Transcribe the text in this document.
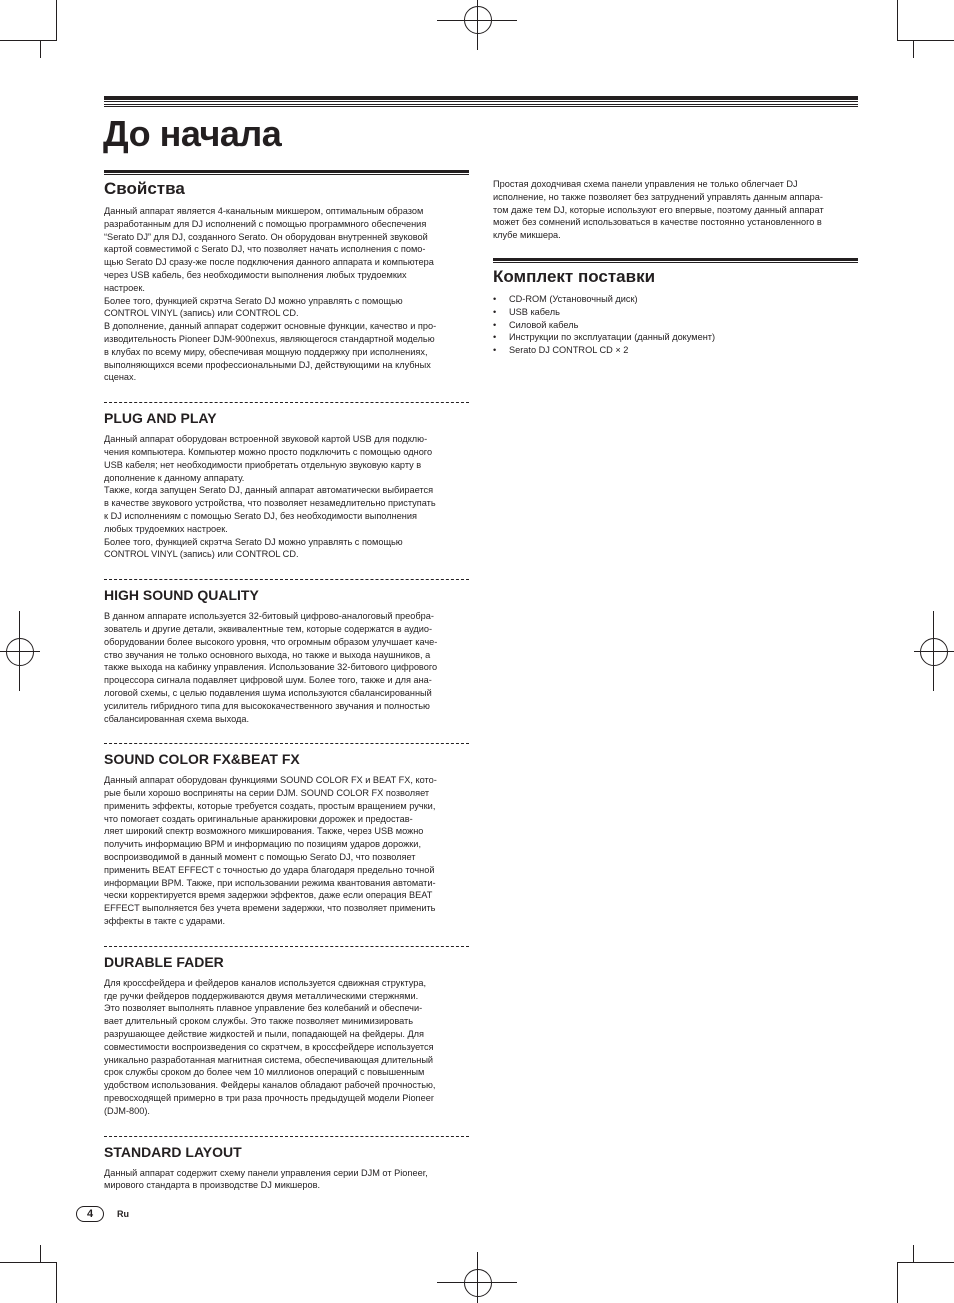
До начала
Свойства

Данный аппарат является 4-канальным микшером, оптимальным образом
разработанным для DJ исполнений с помощью программного обеспечения
“Serato DJ” для DJ, созданного Serato. Он оборудован внутренней звуковой
картой совместимой с Serato DJ, что позволяет начать исполнения с помо-
щью Serato DJ сразу-же после подключения данного аппарата и компьютера
через USB кабель, без необходимости выполнения любых трудоемких
настроек.
Более того, функцией скрэтча Serato DJ можно управлять с помощью
CONTROL VINYL (запись) или CONTROL CD.
В дополнение, данный аппарат содержит основные функции, качество и про-
изводительность Pioneer DJM-900nexus, являющегося стандартной моделью
в клубах по всему миру, обеспечивая мощную поддержку при исполнениях,
выполняющихся всеми профессиональными DJ, действующими на клубных
сценах.

PLUG AND PLAY

Данный аппарат оборудован встроенной звуковой картой USB для подклю-
чения компьютера. Компьютер можно просто подключить с помощью одного
USB кабеля; нет необходимости приобретать отдельную звуковую карту в
дополнение к данному аппарату.
Также, когда запущен Serato DJ, данный аппарат автоматически выбирается
в качестве звукового устройства, что позволяет незамедлительно приступать
к DJ исполнениям с помощью Serato DJ, без необходимости выполнения
любых трудоемких настроек.
Более того, функцией скрэтча Serato DJ можно управлять с помощью
CONTROL VINYL (запись) или CONTROL CD.

HIGH SOUND QUALITY

В данном аппарате используется 32-битовый цифрово-аналоговый преобра-
зователь и другие детали, эквивалентные тем, которые содержатся в аудио-
оборудовании более высокого уровня, что огромным образом улучшает каче-
ство звучания не только основного выхода, но также и выхода наушников, а
также выхода на кабинку управления. Использование 32-битового цифрового
процессора сигнала подавляет цифровой шум. Более того, также и для ана-
логовой схемы, с целью подавления шума используются сбалансированный
усилитель гибридного типа для высококачественного звучания и полностью
сбалансированная схема выхода.

SOUND COLOR FX&BEAT FX

Данный аппарат оборудован функциями SOUND COLOR FX и BEAT FX, кото-
рые были хорошо восприняты на серии DJM. SOUND COLOR FX позволяет
применить эффекты, которые требуется создать, простым вращением ручки,
что помогает создать оригинальные аранжировки дорожек и предостав-
ляет широкий спектр возможного микширования. Также, через USB можно
получить информацию BPM и информацию по позициям ударов дорожки,
воспроизводимой в данный момент с помощью Serato DJ, что позволяет
применить BEAT EFFECT с точностью до удара благодаря предельно точной
информации BPM. Также, при использовании режима квантования автомати-
чески корректируется время задержки эффектов, даже если операция BEAT
EFFECT выполняется без учета времени задержки, что позволяет применить
эффекты в такте с ударами.

DURABLE FADER

Для кроссфейдера и фейдеров каналов используется сдвижная структура,
где ручки фейдеров поддерживаются двумя металлическими стержнями.
Это позволяет выполнять плавное управление без колебаний и обеспечи-
вает длительный сроком службы. Это также позволяет минимизировать
разрушающее действие жидкостей и пыли, попадающей на фейдеры. Для
совместимости воспроизведения со скрэтчем, в кроссфейдере используется
уникально разработанная магнитная система, обеспечивающая длительный
срок службы сроком до более чем 10 миллионов операций с повышенным
удобством использования. Фейдеры каналов обладают рабочей прочностью,
превосходящей примерно в три раза прочность предыдущей модели Pioneer
(DJM-800).

STANDARD LAYOUT

Данный аппарат содержит схему панели управления серии DJM от Pioneer,
мирового стандарта в производстве DJ микшеров.

Простая доходчивая схема панели управления не только облегчает DJ
исполнение, но также позволяет без затруднений управлять данным аппара-
том даже тем DJ, которые используют его впервые, поэтому данный аппарат
может без сомнений использоваться в качестве постоянно установленного в
клубе микшера.

Комплект поставки
• CD-ROM (Установочный диск)
• USB кабель
• Силовой кабель
• Инструкции по эксплуатации (данный документ)
• Serato DJ CONTROL CD × 2
4	Ru
